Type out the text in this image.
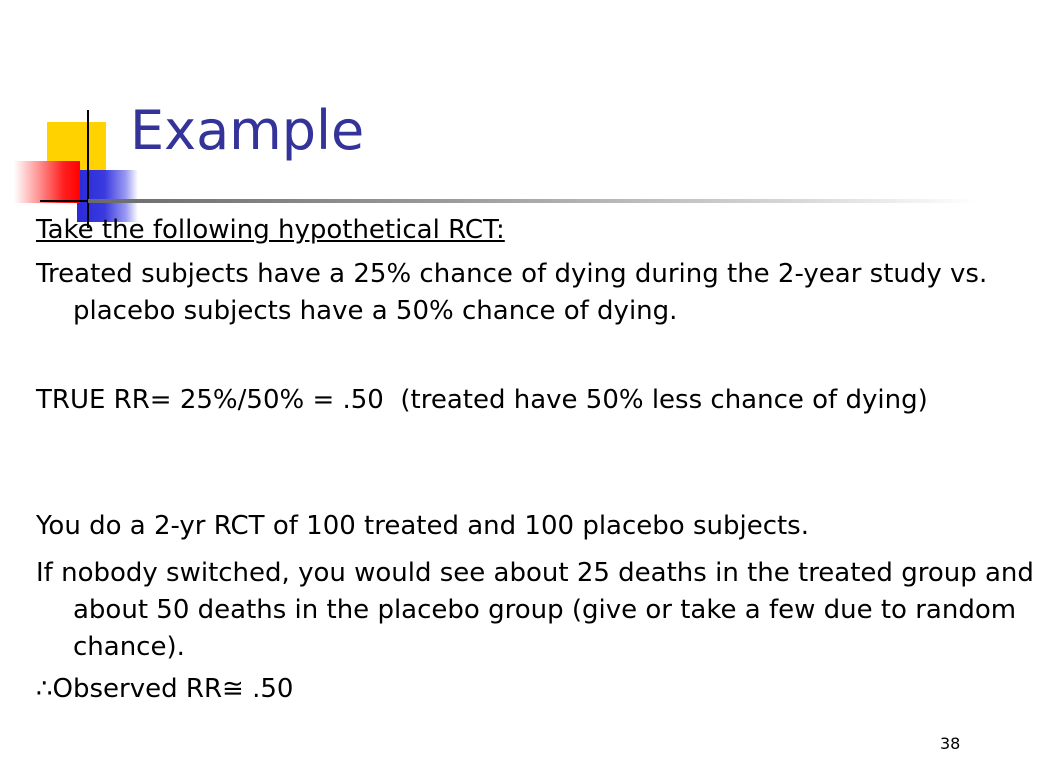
Example

Take the following hypothetical RCT:

Treated subjects have a 25% chance of dying during the 2-year study vs. placebo subjects have a 50% chance of dying.

TRUE RR= 25%/50% = .50  (treated have 50% less chance of dying)

You do a 2-yr RCT of 100 treated and 100 placebo subjects.

If nobody switched, you would see about 25 deaths in the treated group and about 50 deaths in the placebo group (give or take a few due to random chance).

∴Observed RR≅ .50

38
